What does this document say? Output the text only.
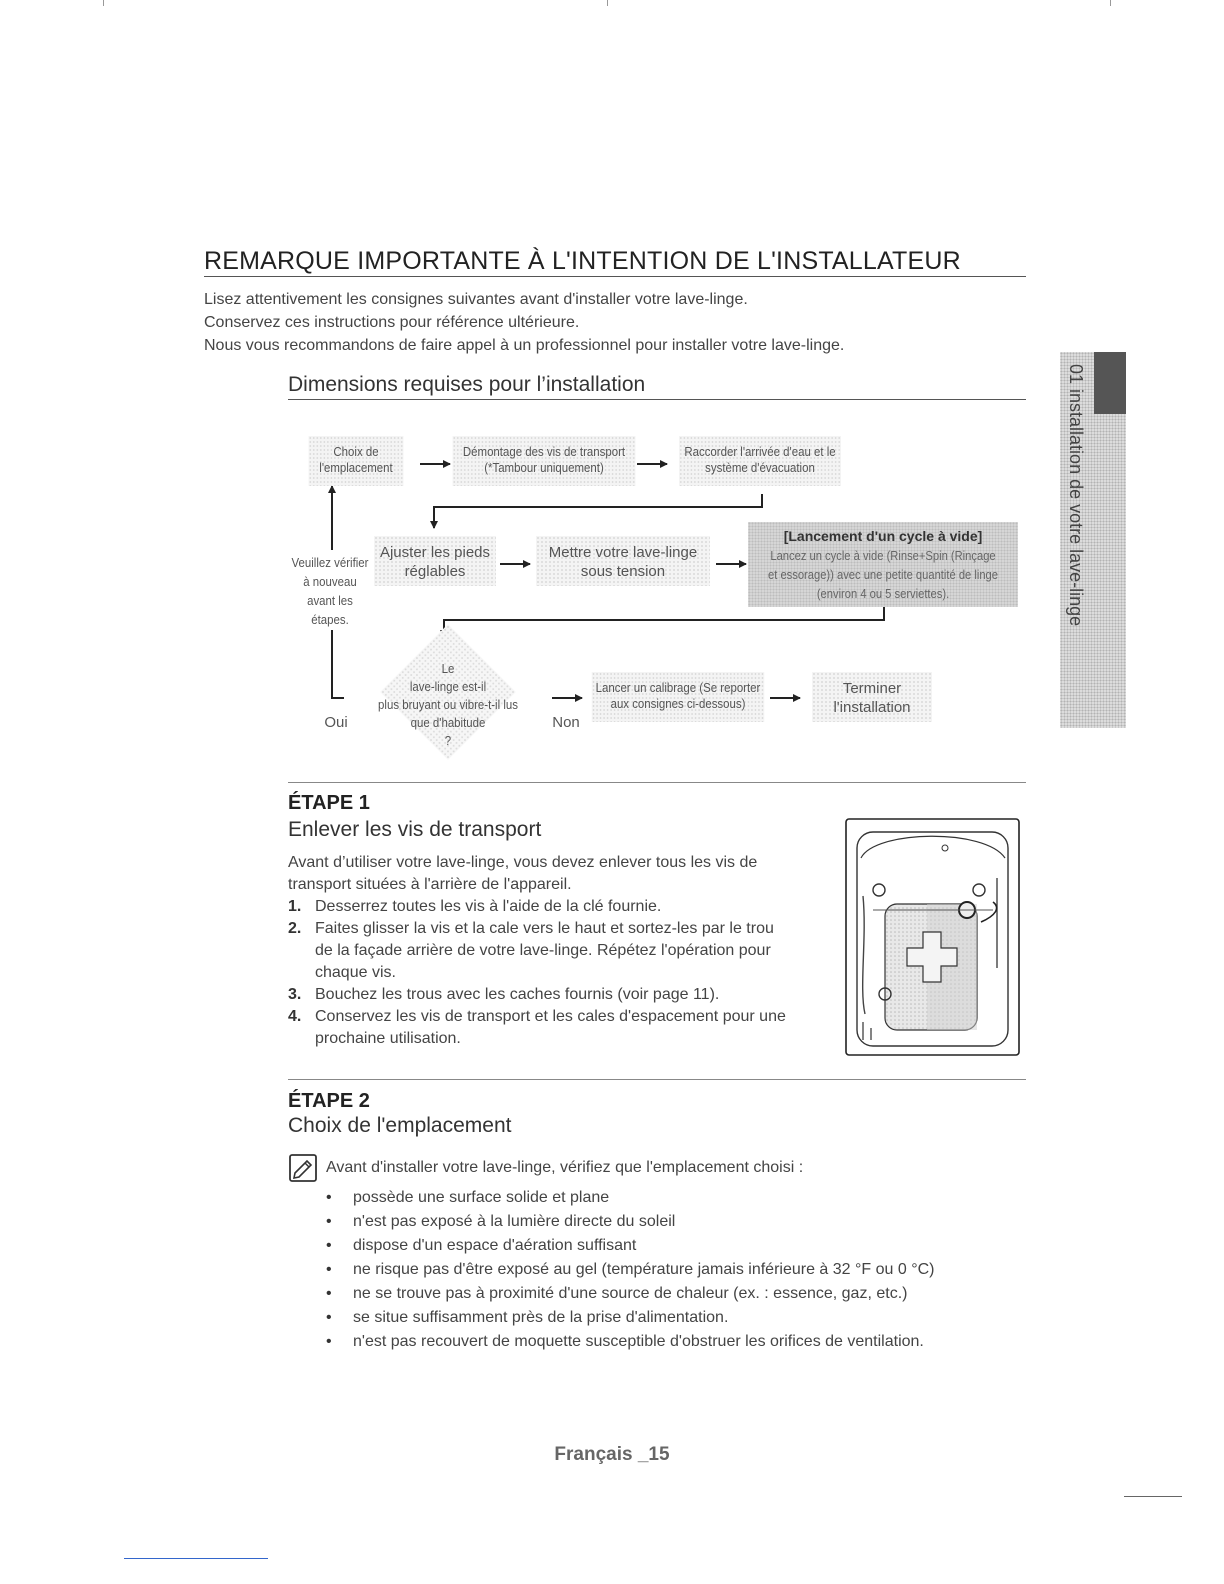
REMARQUE IMPORTANTE À L'INTENTION DE L'INSTALLATEUR

Lisez attentivement les consignes suivantes avant d'installer votre lave-linge.

Conservez ces instructions pour référence ultérieure.

Nous vous recommandons de faire appel à un professionnel pour installer votre lave-linge.

Dimensions requises pour l’installation
Choix de
l'emplacement
Démontage des vis de transport
(*Tambour uniquement)
Raccorder l'arrivée d'eau et le
système d'évacuation
Veuillez vérifier
à nouveau
avant les
étapes.
Ajuster les pieds
réglables
Mettre votre lave-linge
sous tension
[Lancement d'un cycle à vide]
Lancez un cycle à vide (Rinse+Spin (Rinçage
et essorage)) avec une petite quantité de linge
(environ 4 ou 5 serviettes).
Le
lave-linge est-il
plus bruyant ou vibre-t-il lus
que d'habitude
?
Oui	Non
Lancer un calibrage (Se reporter
aux consignes ci-dessous)
Terminer
l'installation
ÉTAPE 1
Enlever les vis de transport
Avant d’utiliser votre lave-linge, vous devez enlever tous les vis de
transport situées à l'arrière de l'appareil.
1. Desserrez toutes les vis à l'aide de la clé fournie.
2. Faites glisser la vis et la cale vers le haut et sortez-les par le trou
de la façade arrière de votre lave-linge. Répétez l'opération pour
chaque vis.
3. Bouchez les trous avec les caches fournis (voir page 11).
4. Conservez les vis de transport et les cales d'espacement pour une
prochaine utilisation.
ÉTAPE 2
Choix de l'emplacement
Avant d'installer votre lave-linge, vérifiez que l'emplacement choisi :
• possède une surface solide et plane
• n'est pas exposé à la lumière directe du soleil
• dispose d'un espace d'aération suffisant
• ne risque pas d'être exposé au gel (température jamais inférieure à 32 °F ou 0 °C)
• ne se trouve pas à proximité d'une source de chaleur (ex. : essence, gaz, etc.)
• se situe suffisamment près de la prise d'alimentation.
• n'est pas recouvert de moquette susceptible d'obstruer les orifices de ventilation.
01 installation de votre lave-linge
Français _15
